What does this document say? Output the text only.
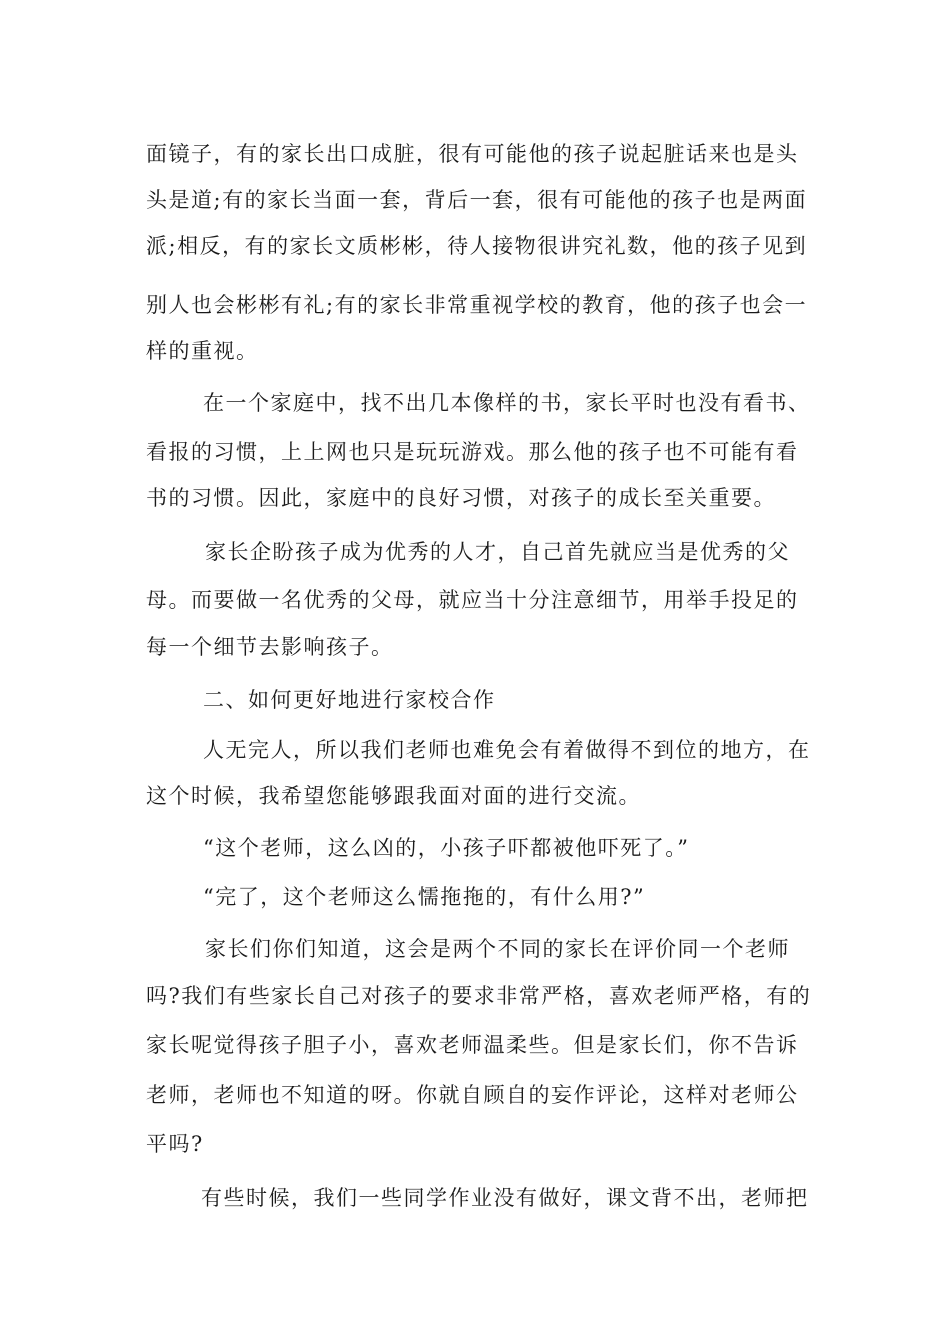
面镜子，有的家长出口成脏，很有可能他的孩子说起脏话来也是头
头是道;有的家长当面一套，背后一套，很有可能他的孩子也是两面
派;相反，有的家长文质彬彬，待人接物很讲究礼数，他的孩子见到
别人也会彬彬有礼;有的家长非常重视学校的教育，他的孩子也会一
样的重视。
在一个家庭中，找不出几本像样的书，家长平时也没有看书、
看报的习惯，上上网也只是玩玩游戏。那么他的孩子也不可能有看
书的习惯。因此，家庭中的良好习惯，对孩子的成长至关重要。
家长企盼孩子成为优秀的人才，自己首先就应当是优秀的父
母。而要做一名优秀的父母，就应当十分注意细节，用举手投足的
每一个细节去影响孩子。
二、如何更好地进行家校合作
人无完人，所以我们老师也难免会有着做得不到位的地方，在
这个时候，我希望您能够跟我面对面的进行交流。
“这个老师，这么凶的，小孩子吓都被他吓死了。”
“完了，这个老师这么懦拖拖的，有什么用?”
家长们你们知道，这会是两个不同的家长在评价同一个老师
吗?我们有些家长自己对孩子的要求非常严格，喜欢老师严格，有的
家长呢觉得孩子胆子小，喜欢老师温柔些。但是家长们，你不告诉
老师，老师也不知道的呀。你就自顾自的妄作评论，这样对老师公
平吗?
有些时候，我们一些同学作业没有做好，课文背不出，老师把
